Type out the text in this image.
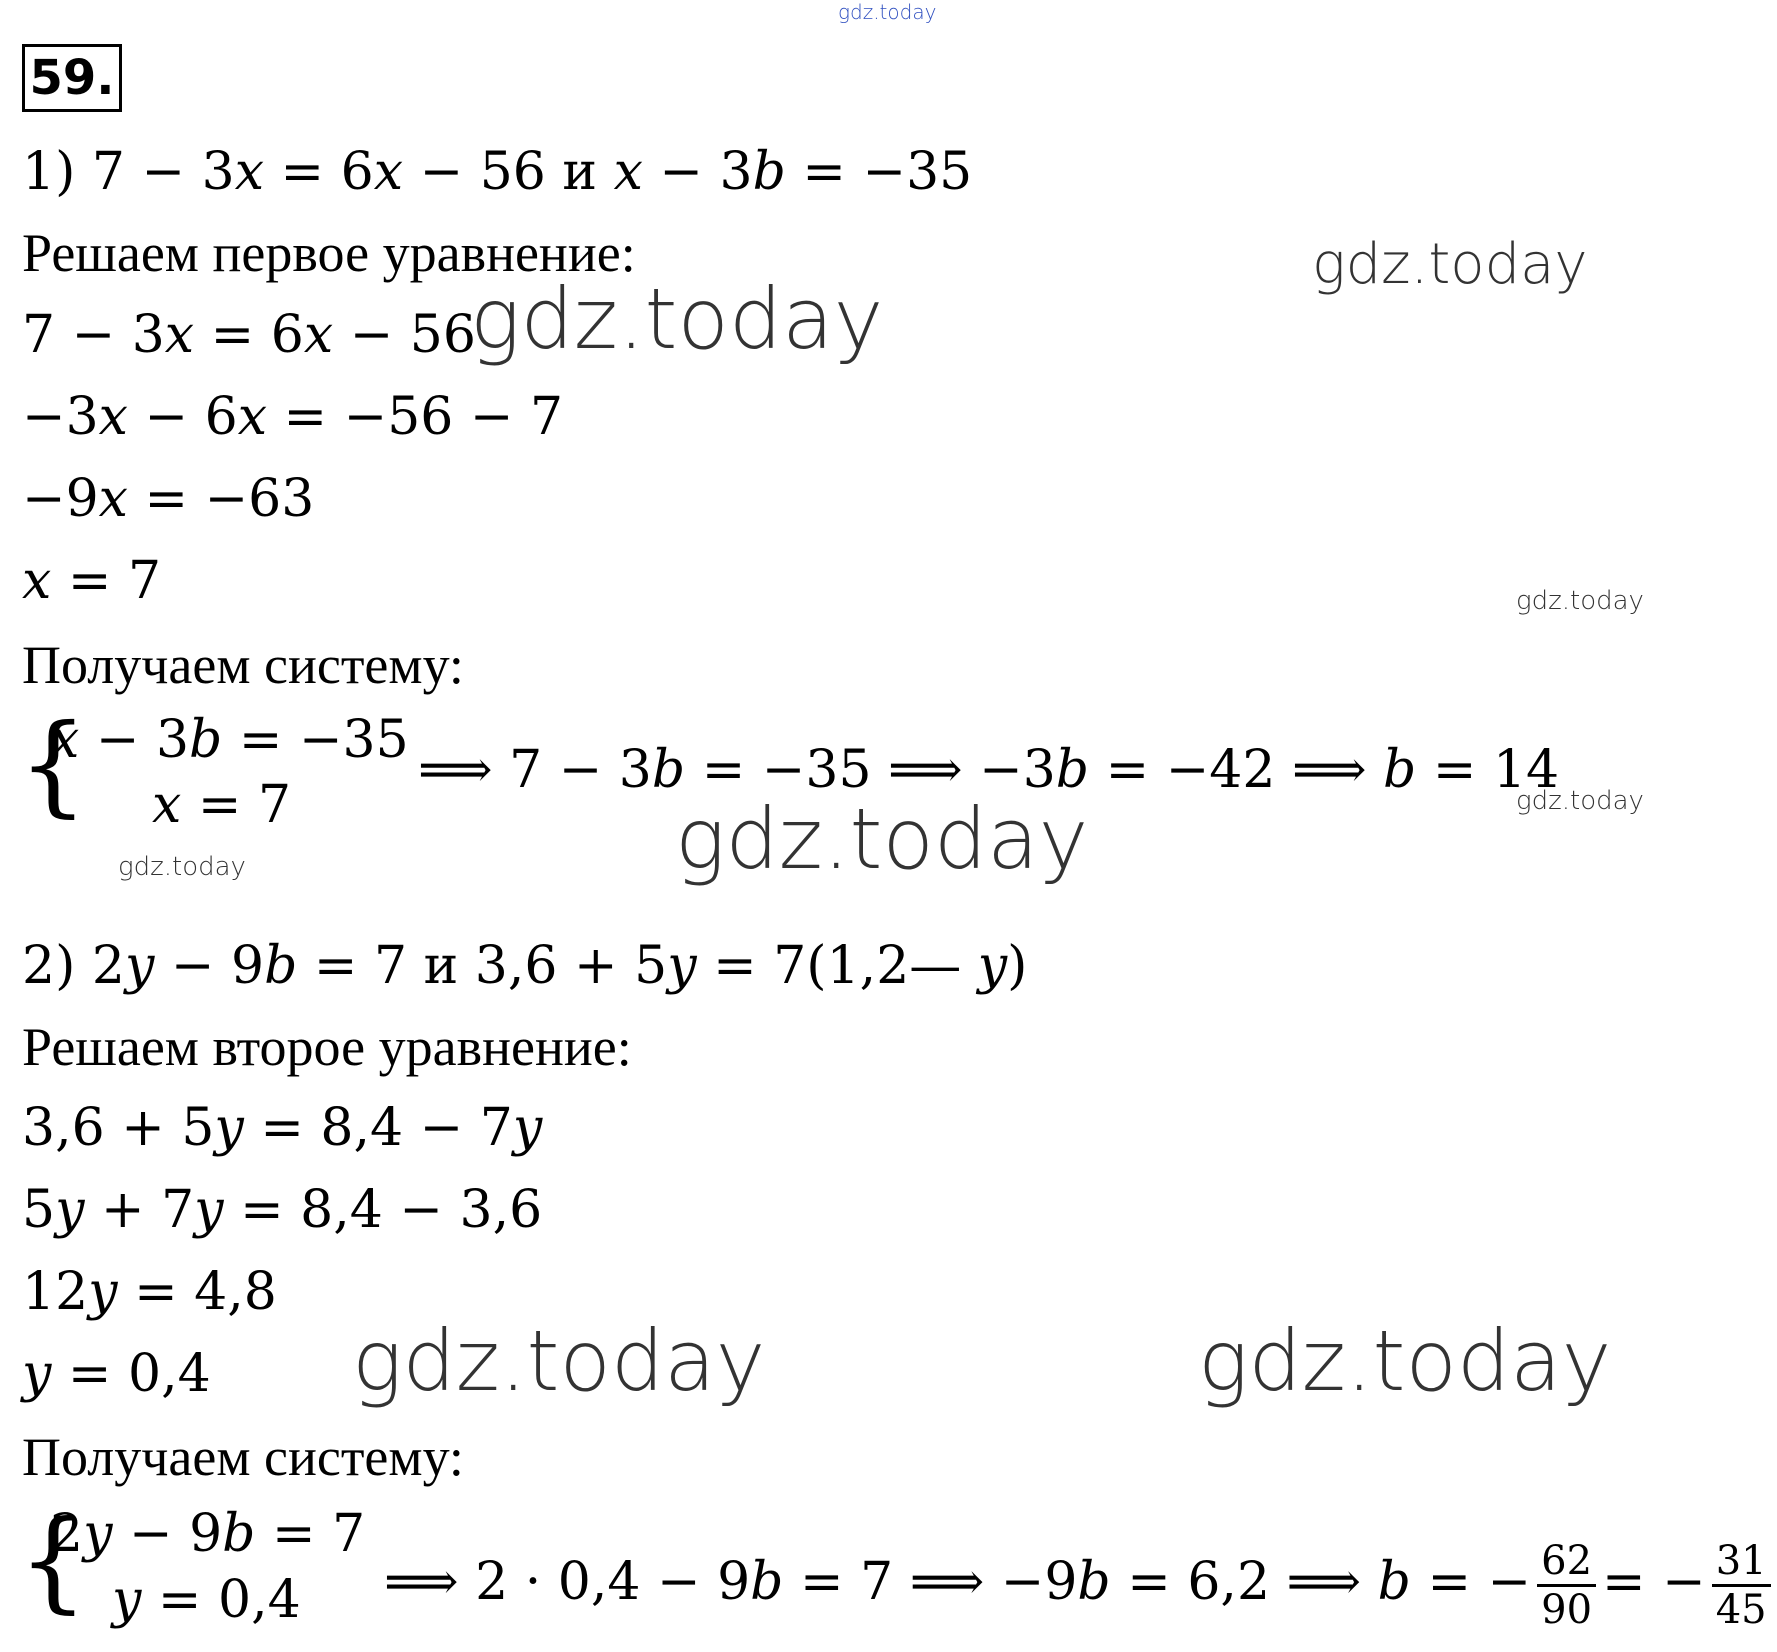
gdz.today
gdz.today
gdz.today
gdz.today
gdz.today
gdz.today	gdz.today
gdz.today	gdz.today
59.
1) 7 − 3𝑥 = 6𝑥 − 56 и 𝑥 − 3𝑏 = −35
Решаем первое уравнение:
7 − 3𝑥 = 6𝑥 − 56
−3𝑥 − 6𝑥 = −56 − 7
−9𝑥 = −63
𝑥 = 7
Получаем систему:
{
𝑥 − 3𝑏 = −35
𝑥 = 7
⟹ 7 − 3𝑏 = −35 ⟹ −3𝑏 = −42 ⟹ 𝑏 = 14
2) 2𝑦 − 9𝑏 = 7 и 3,6 + 5𝑦 = 7(1,2— 𝑦)
Решаем второе уравнение:
3,6 + 5𝑦 = 8,4 − 7𝑦
5𝑦 + 7𝑦 = 8,4 − 3,6
12𝑦 = 4,8
𝑦 = 0,4
Получаем систему:
{
2𝑦 − 9𝑏 = 7
𝑦 = 0,4 ⟹ 2 · 0,4 − 9𝑏 = 7 ⟹ −9𝑏 = 6,2 ⟹ 𝑏 = − $\frac{62}{90}$ = − $\frac{31}{45}$
